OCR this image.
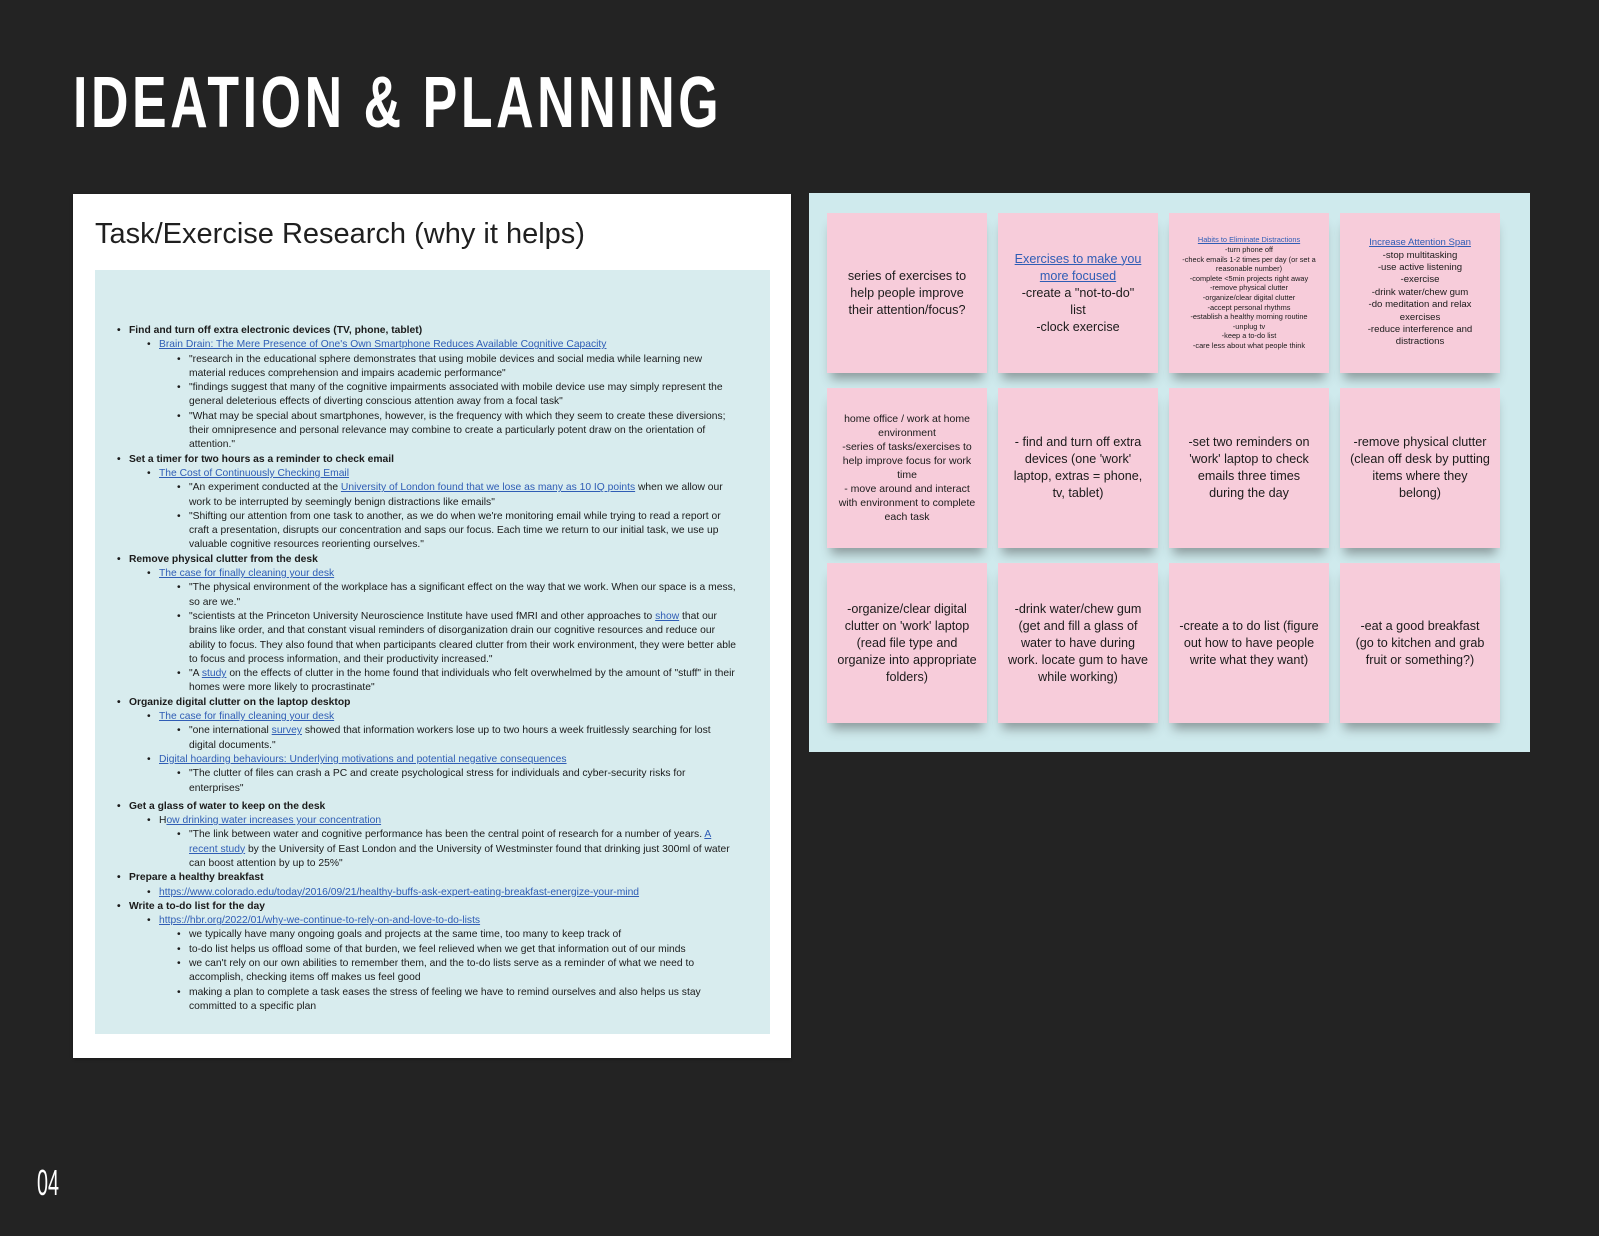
IDEATION & PLANNING
Task/Exercise Research (why it helps)
• Find and turn off extra electronic devices (TV, phone, tablet)
• Brain Drain: The Mere Presence of One's Own Smartphone Reduces Available Cognitive Capacity
• "research in the educational sphere demonstrates that using mobile devices and social media while learning new material reduces comprehension and impairs academic performance"
• "findings suggest that many of the cognitive impairments associated with mobile device use may simply represent the general deleterious effects of diverting conscious attention away from a focal task"
• "What may be special about smartphones, however, is the frequency with which they seem to create these diversions; their omnipresence and personal relevance may combine to create a particularly potent draw on the orientation of attention."
• Set a timer for two hours as a reminder to check email
• The Cost of Continuously Checking Email
• "An experiment conducted at the University of London found that we lose as many as 10 IQ points when we allow our work to be interrupted by seemingly benign distractions like emails"
• "Shifting our attention from one task to another, as we do when we're monitoring email while trying to read a report or craft a presentation, disrupts our concentration and saps our focus. Each time we return to our initial task, we use up valuable cognitive resources reorienting ourselves."
• Remove physical clutter from the desk
• The case for finally cleaning your desk
• "The physical environment of the workplace has a significant effect on the way that we work. When our space is a mess, so are we."
• "scientists at the Princeton University Neuroscience Institute have used fMRI and other approaches to show that our brains like order, and that constant visual reminders of disorganization drain our cognitive resources and reduce our ability to focus. They also found that when participants cleared clutter from their work environment, they were better able to focus and process information, and their productivity increased."
• "A study on the effects of clutter in the home found that individuals who felt overwhelmed by the amount of "stuff" in their homes were more likely to procrastinate"
• Organize digital clutter on the laptop desktop
• The case for finally cleaning your desk
• "one international survey showed that information workers lose up to two hours a week fruitlessly searching for lost digital documents."
• Digital hoarding behaviours: Underlying motivations and potential negative consequences
• "The clutter of files can crash a PC and create psychological stress for individuals and cyber-security risks for enterprises"
• Get a glass of water to keep on the desk
• How drinking water increases your concentration
• "The link between water and cognitive performance has been the central point of research for a number of years. A recent study by the University of East London and the University of Westminster found that drinking just 300ml of water can boost attention by up to 25%"
• Prepare a healthy breakfast
• https://www.colorado.edu/today/2016/09/21/healthy-buffs-ask-expert-eating-breakfast-energize-your-mind
• Write a to-do list for the day
• https://hbr.org/2022/01/why-we-continue-to-rely-on-and-love-to-do-lists
• we typically have many ongoing goals and projects at the same time, too many to keep track of
• to-do list helps us offload some of that burden, we feel relieved when we get that information out of our minds
• we can't rely on our own abilities to remember them, and the to-do lists serve as a reminder of what we need to accomplish, checking items off makes us feel good
• making a plan to complete a task eases the stress of feeling we have to remind ourselves and also helps us stay committed to a specific plan
series of exercises to
help people improve
their attention/focus?
Exercises to make you more focused
-create a "not-to-do"
list
-clock exercise
Habits to Eliminate Distractions
-turn phone off
-check emails 1-2 times per day (or set a reasonable number)
-complete <5min projects right away
-remove physical clutter
-organize/clear digital clutter
-accept personal rhythms
-establish a healthy morning routine
-unplug tv
-keep a to-do list
-care less about what people think
Increase Attention Span
-stop multitasking
-use active listening
-exercise
-drink water/chew gum
-do meditation and relax exercises
-reduce interference and distractions
home office / work at home environment
-series of tasks/exercises to help improve focus for work time
- move around and interact with environment to complete each task
- find and turn off extra devices (one 'work' laptop, extras = phone, tv, tablet)
-set two reminders on 'work' laptop to check emails three times during the day
-remove physical clutter (clean off desk by putting items where they belong)
-organize/clear digital clutter on 'work' laptop (read file type and organize into appropriate folders)
-drink water/chew gum (get and fill a glass of water to have during work. locate gum to have while working)
-create a to do list (figure out how to have people write what they want)
-eat a good breakfast (go to kitchen and grab fruit or something?)
04
